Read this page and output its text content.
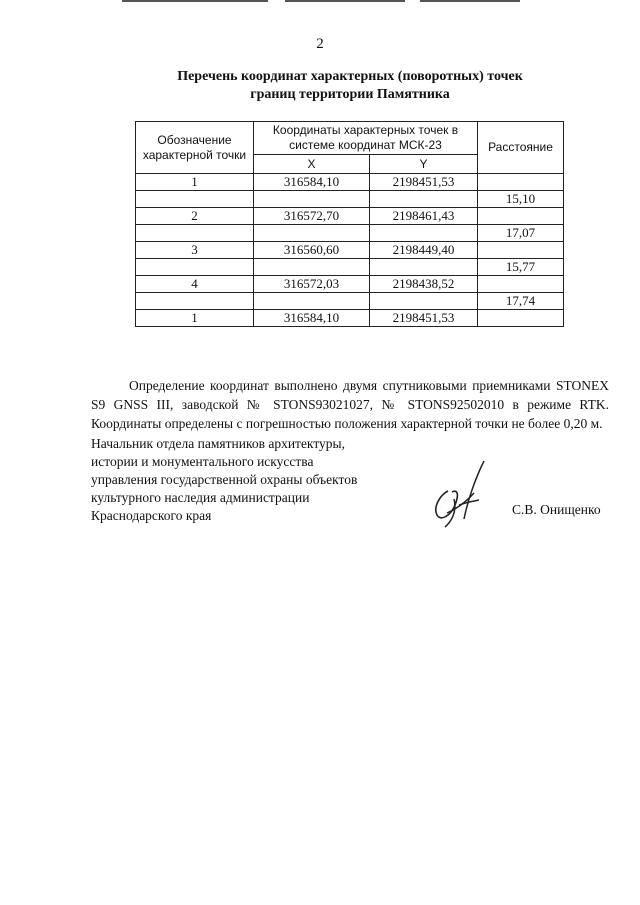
2
Перечень координат характерных (поворотных) точек
границ территории Памятника
Обозначение характерной точки	Координаты характерных точек в системе координат МСК-23		Расстояние
	X	Y	
1	316584,10	2198451,53	
			15,10
2	316572,70	2198461,43	
			17,07
3	316560,60	2198449,40	
			15,77
4	316572,03	2198438,52	
			17,74
1	316584,10	2198451,53	

Определение координат выполнено двумя спутниковыми приемниками STONEX S9 GNSS III, заводской № STONS93021027, № STONS92502010 в режиме RTK. Координаты определены с погрешностью положения характерной точки не более 0,20 м.

Начальник отдела памятников архитектуры,
истории и монументального искусства
управления государственной охраны объектов
культурного наследия администрации
Краснодарского края	С.В. Онищенко
